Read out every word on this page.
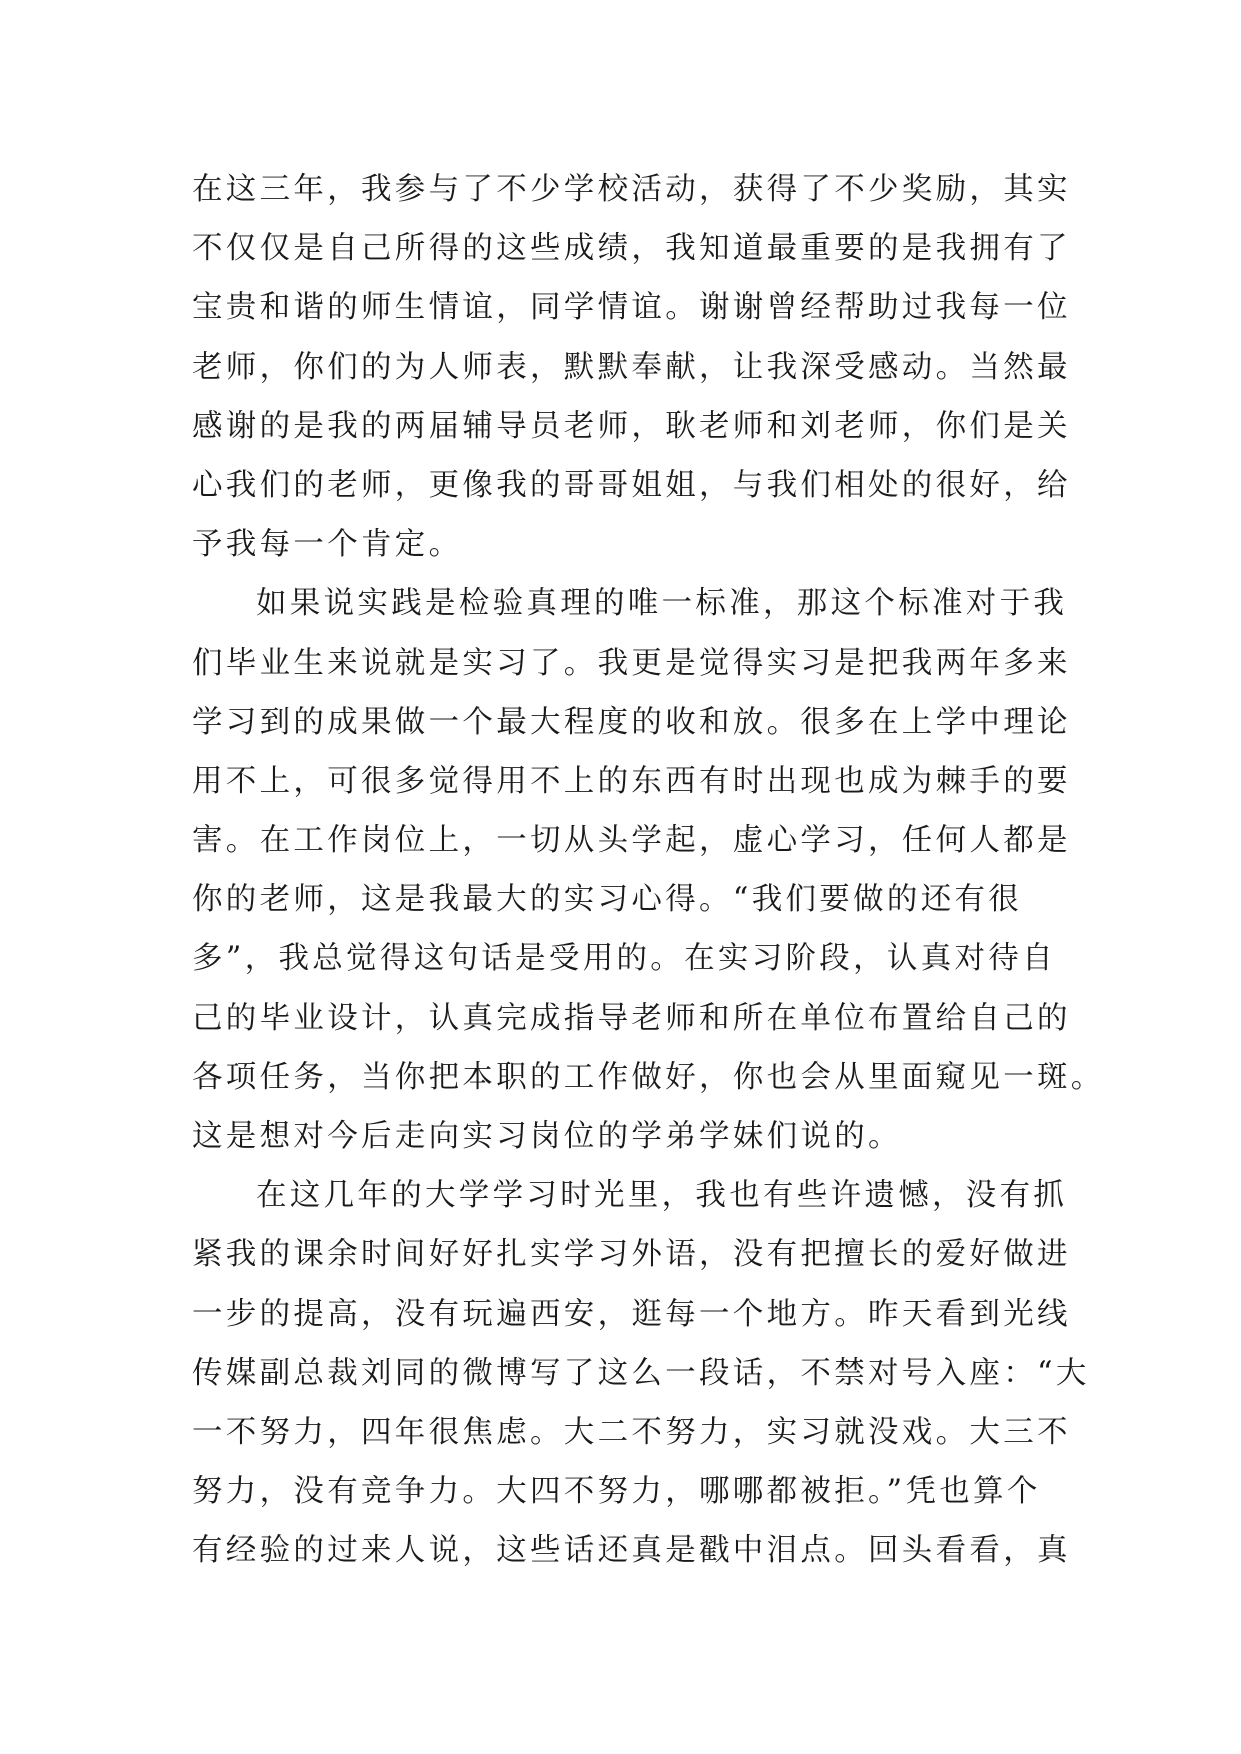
在这三年，我参与了不少学校活动，获得了不少奖励，其实
不仅仅是自己所得的这些成绩，我知道最重要的是我拥有了
宝贵和谐的师生情谊，同学情谊。谢谢曾经帮助过我每一位
老师，你们的为人师表，默默奉献，让我深受感动。当然最
感谢的是我的两届辅导员老师，耿老师和刘老师，你们是关
心我们的老师，更像我的哥哥姐姐，与我们相处的很好，给
予我每一个肯定。
如果说实践是检验真理的唯一标准，那这个标准对于我
们毕业生来说就是实习了。我更是觉得实习是把我两年多来
学习到的成果做一个最大程度的收和放。很多在上学中理论
用不上，可很多觉得用不上的东西有时出现也成为棘手的要
害。在工作岗位上，一切从头学起，虚心学习，任何人都是
你的老师，这是我最大的实习心得。“我们要做的还有很
多”，我总觉得这句话是受用的。在实习阶段，认真对待自
己的毕业设计，认真完成指导老师和所在单位布置给自己的
各项任务，当你把本职的工作做好，你也会从里面窥见一斑。
这是想对今后走向实习岗位的学弟学妹们说的。
在这几年的大学学习时光里，我也有些许遗憾，没有抓
紧我的课余时间好好扎实学习外语，没有把擅长的爱好做进
一步的提高，没有玩遍西安，逛每一个地方。昨天看到光线
传媒副总裁刘同的微博写了这么一段话，不禁对号入座：“大
一不努力，四年很焦虑。大二不努力，实习就没戏。大三不
努力，没有竞争力。大四不努力，哪哪都被拒。”凭也算个
有经验的过来人说，这些话还真是戳中泪点。回头看看，真
